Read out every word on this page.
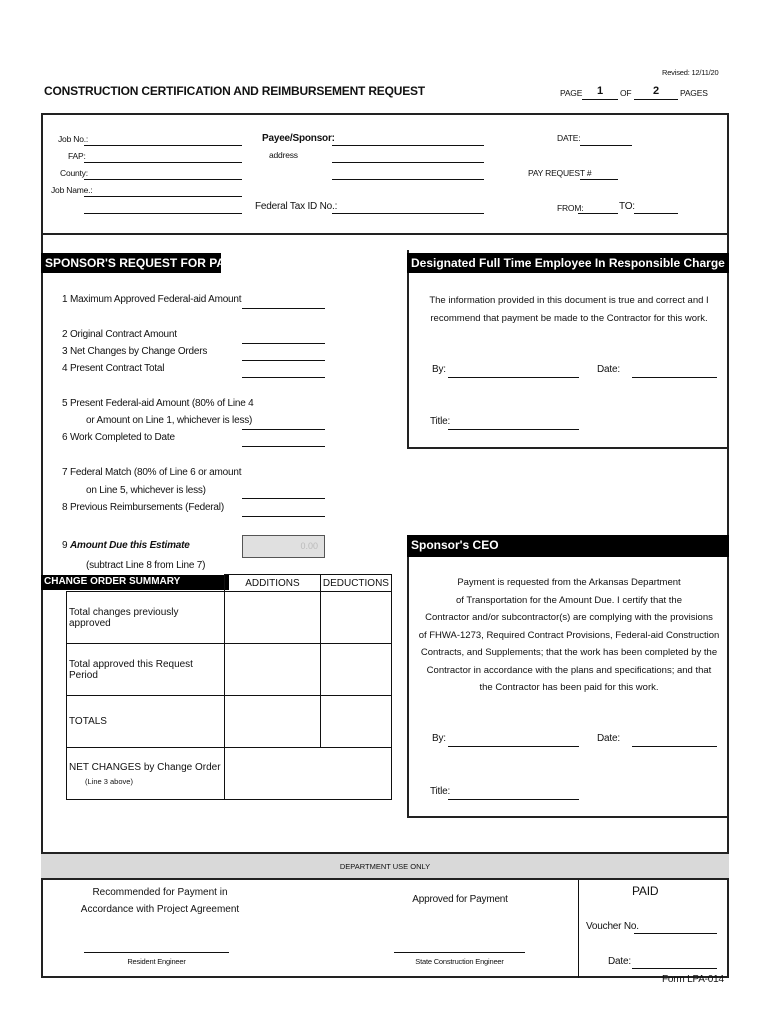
Revised: 12/11/20
CONSTRUCTION CERTIFICATION AND REIMBURSEMENT REQUEST	PAGE	1	OF	2	PAGES
Job No.:
FAP:
County:
Job Name.:
Payee/Sponsor:
address
Federal Tax ID No.:
DATE:
PAY REQUEST #
FROM:	TO:
SPONSOR'S REQUEST FOR PAYMENT
1 Maximum Approved Federal-aid Amount
2 Original Contract Amount
3 Net Changes by Change Orders
4 Present Contract Total
5 Present Federal-aid Amount (80% of Line 4
or Amount on Line 1, whichever is less)
6 Work Completed to Date
7 Federal Match (80% of Line 6 or amount
on Line 5, whichever is less)
8 Previous Reimbursements (Federal)
9 Amount Due this Estimate
(subtract Line 8 from Line 7)
0.00
CHANGE ORDER SUMMARY
		ADDITIONS	DEDUCTIONS
Total changes previously approved		
Total approved this Request Period		
TOTALS		

NET CHANGES by Change Order
(Line 3 above)		

Designated Full Time Employee In Responsible Charge
The information provided in this document is true and correct and I
recommend that payment be made to the Contractor for this work.
By:	Date:
Title:
Sponsor's CEO
Payment is requested from the Arkansas Department
of Transportation for the Amount Due. I certify that the
Contractor and/or subcontractor(s) are complying with the provisions
of FHWA-1273, Required Contract Provisions, Federal-aid Construction
Contracts, and Supplements; that the work has been completed by the
Contractor in accordance with the plans and specifications; and that
the Contractor has been paid for this work.
By:	Date:
Title:
DEPARTMENT USE ONLY
Recommended for Payment in
Accordance with Project Agreement
Resident Engineer
Approved for Payment
State Construction Engineer
PAID
Voucher No.
Date:
Form LPA-014
